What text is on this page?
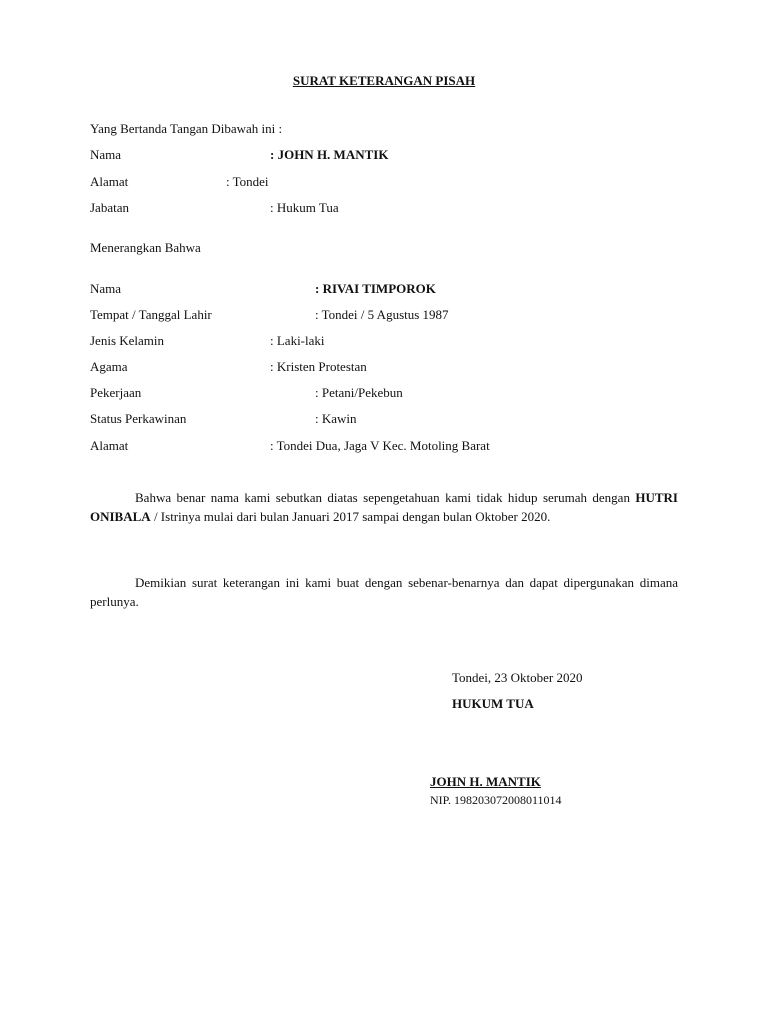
SURAT KETERANGAN PISAH
Yang Bertanda Tangan Dibawah ini :
Nama	: JOHN H. MANTIK
Alamat	: Tondei
Jabatan	: Hukum Tua
Menerangkan Bahwa
Nama	: RIVAI TIMPOROK
Tempat / Tanggal Lahir	: Tondei / 5 Agustus 1987
Jenis Kelamin	: Laki-laki
Agama	: Kristen Protestan
Pekerjaan	: Petani/Pekebun
Status Perkawinan	: Kawin
Alamat	: Tondei Dua, Jaga V Kec. Motoling Barat
Bahwa benar nama kami sebutkan diatas sepengetahuan kami tidak hidup serumah dengan HUTRI ONIBALA / Istrinya mulai dari bulan Januari 2017 sampai dengan bulan Oktober 2020.
Demikian surat keterangan ini kami buat dengan sebenar-benarnya dan dapat dipergunakan dimana perlunya.
Tondei, 23 Oktober 2020
HUKUM TUA
JOHN H. MANTIK
NIP. 198203072008011014
